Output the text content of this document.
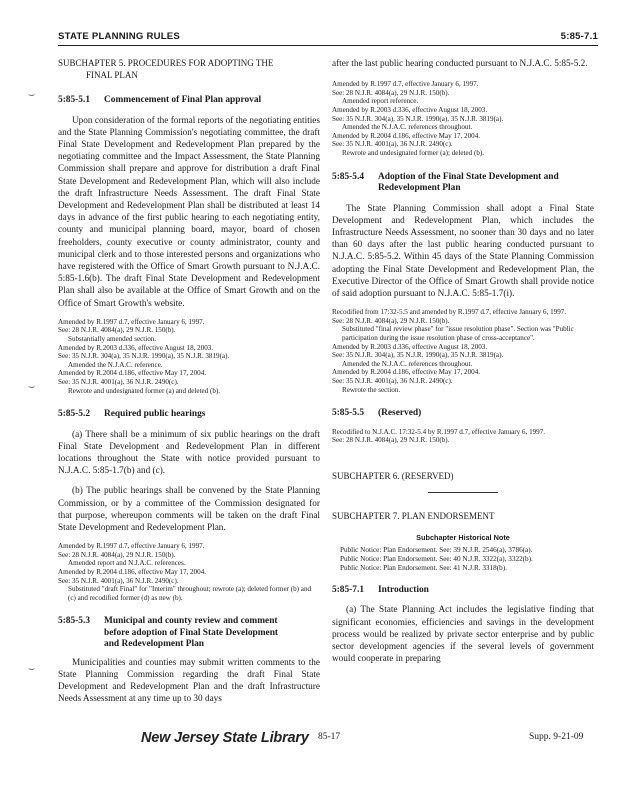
STATE PLANNING RULES	5:85-7.1

SUBCHAPTER 5. PROCEDURES FOR ADOPTING THE
FINAL PLAN

5:85-5.1 Commencement of Final Plan approval

Upon consideration of the formal reports of the negotiating entities and the State Planning Commission's negotiating committee, the draft Final State Development and Redevelopment Plan prepared by the negotiating committee and the Impact Assessment, the State Planning Commission shall prepare and approve for distribution a draft Final State Development and Redevelopment Plan, which will also include the draft Infrastructure Needs Assessment. The draft Final State Development and Redevelopment Plan shall be distributed at least 14 days in advance of the first public hearing to each negotiating entity, county and municipal planning board, mayor, board of chosen freeholders, county executive or county administrator, county and municipal clerk and to those interested persons and organizations who have registered with the Office of Smart Growth pursuant to N.J.A.C. 5:85-1.6(b). The draft Final State Development and Redevelopment Plan shall also be available at the Office of Smart Growth and on the Office of Smart Growth's website.

Amended by R.1997 d.7, effective January 6, 1997.
See: 28 N.J.R. 4084(a), 29 N.J.R. 150(b).

Substantially amended section.
Amended by R.2003 d.336, effective August 18, 2003.
See: 35 N.J.R. 304(a), 35 N.J.R. 1990(a), 35 N.J.R. 3819(a).

Amended the N.J.A.C. reference.
Amended by R.2004 d.186, effective May 17, 2004.
See: 35 N.J.R. 4001(a), 36 N.J.R. 2490(c).

Rewrote and undesignated former (a) and deleted (b).

5:85-5.2 Required public hearings

(a) There shall be a minimum of six public hearings on the draft Final State Development and Redevelopment Plan in different locations throughout the State with notice provided pursuant to N.J.A.C. 5:85-1.7(b) and (c).

(b) The public hearings shall be convened by the State Planning Commission, or by a committee of the Commission designated for that purpose, whereupon comments will be taken on the draft Final State Development and Redevelopment Plan.

Amended by R.1997 d.7, effective January 6, 1997.
See: 28 N.J.R. 4084(a), 29 N.J.R. 150(b).

Amended report and N.J.A.C. references.
Amended by R.2004 d.186, effective May 17, 2004.
See: 35 N.J.R. 4001(a), 36 N.J.R. 2490(c).

Substituted "draft Final" for "Interim" throughout; rewrote (a); deleted former (b) and (c) and recodified former (d) as new (b).

5:85-5.3 Municipal and county review and comment
before adoption of Final State Development
and Redevelopment Plan

Municipalities and counties may submit written comments to the State Planning Commission regarding the draft Final State Development and Redevelopment Plan and the draft Infrastructure Needs Assessment at any time up to 30 days

after the last public hearing conducted pursuant to N.J.A.C. 5:85-5.2.

Amended by R.1997 d.7, effective January 6, 1997.
See: 28 N.J.R. 4084(a), 29 N.J.R. 150(b).

Amended report reference.
Amended by R.2003 d.336, effective August 18, 2003.
See: 35 N.J.R. 304(a), 35 N.J.R. 1990(a), 35 N.J.R. 3819(a).

Amended the N.J.A.C. references throughout.
Amended by R.2004 d.186, effective May 17, 2004.
See: 35 N.J.R. 4001(a), 36 N.J.R. 2490(c).

Rewrote and undesignated former (a); deleted (b).

5:85-5.4 Adoption of the Final State Development and
Redevelopment Plan

The State Planning Commission shall adopt a Final State Development and Redevelopment Plan, which includes the Infrastructure Needs Assessment, no sooner than 30 days and no later than 60 days after the last public hearing conducted pursuant to N.J.A.C. 5:85-5.2. Within 45 days of the State Planning Commission adopting the Final State Development and Redevelopment Plan, the Executive Director of the Office of Smart Growth shall provide notice of said adoption pursuant to N.J.A.C. 5:85-1.7(i).

Recodified from 17:32-5.5 and amended by R.1997 d.7, effective January 6, 1997.
See: 28 N.J.R. 4084(a), 29 N.J.R. 150(b).

Substituted "final review phase" for "issue resolution phase". Section was "Public participation during the issue resolution phase of cross-acceptance".
Amended by R.2003 d.336, effective August 18, 2003.
See: 35 N.J.R. 304(a), 35 N.J.R. 1990(a), 35 N.J.R. 3819(a).

Amended the N.J.A.C. references throughout.
Amended by R.2004 d.186, effective May 17, 2004.
See: 35 N.J.R. 4001(a), 36 N.J.R. 2490(c).

Rewrote the section.

5:85-5.5 (Reserved)

Recodified to N.J.A.C. 17:32-5.4 by R.1997 d.7, effective January 6, 1997.
See: 28 N.J.R. 4084(a), 29 N.J.R. 150(b).

SUBCHAPTER 6. (RESERVED)

SUBCHAPTER 7. PLAN ENDORSEMENT

Subchapter Historical Note

Public Notice: Plan Endorsement. See: 39 N.J.R. 2546(a), 3786(a).
Public Notice: Plan Endorsement. See: 40 N.J.R. 3322(a), 3322(b).
Public Notice: Plan Endorsement. See: 41 N.J.R. 3318(b).

5:85-7.1 Introduction

(a) The State Planning Act includes the legislative finding that significant economies, efficiencies and savings in the development process would be realized by private sector enterprise and by public sector development agencies if the several levels of government would cooperate in preparing

⌣
⌣
⌣
New Jersey State Library 85-17	Supp. 9-21-09
